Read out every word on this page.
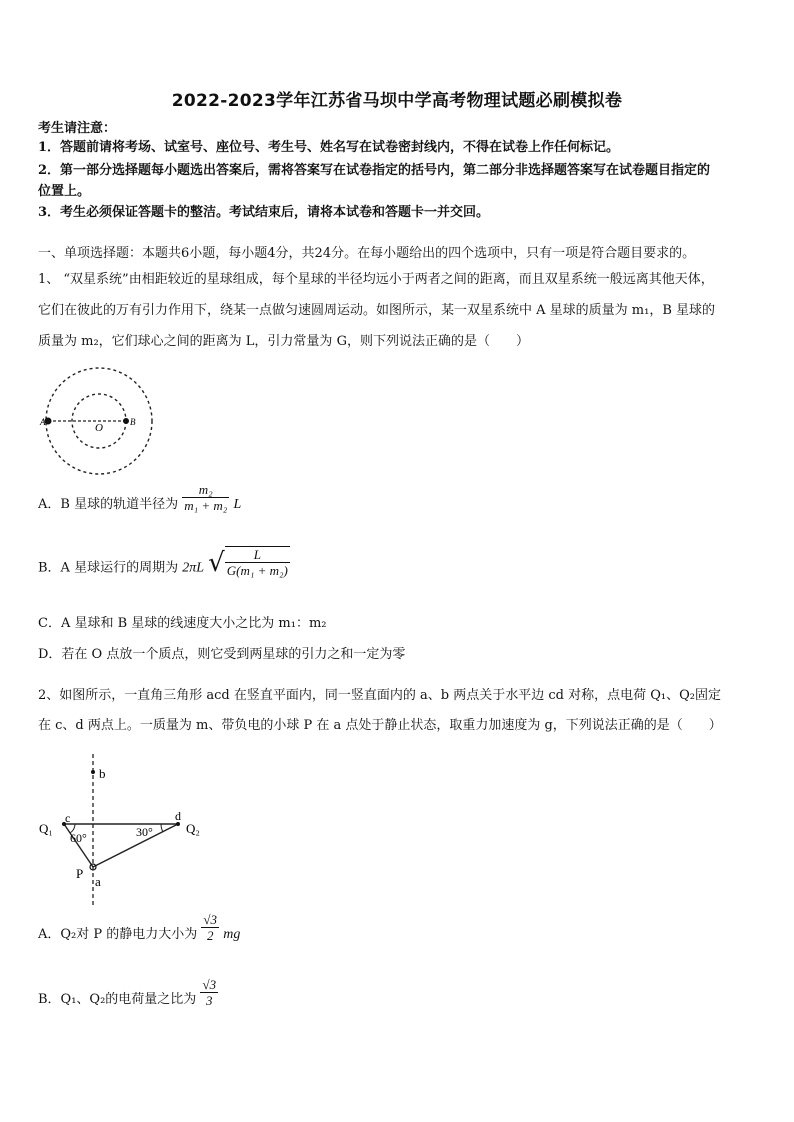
2022-2023学年江苏省马坝中学高考物理试题必刷模拟卷
考生请注意：
1．答题前请将考场、试室号、座位号、考生号、姓名写在试卷密封线内，不得在试卷上作任何标记。
2．第一部分选择题每小题选出答案后，需将答案写在试卷指定的括号内，第二部分非选择题答案写在试卷题目指定的
位置上。
3．考生必须保证答题卡的整洁。考试结束后，请将本试卷和答题卡一并交回。
一、单项选择题：本题共6小题，每小题4分，共24分。在每小题给出的四个选项中，只有一项是符合题目要求的。
1、 “双星系统”由相距较近的星球组成，每个星球的半径均远小于两者之间的距离，而且双星系统一般远离其他天体，
它们在彼此的万有引力作用下，绕某一点做匀速圆周运动。如图所示，某一双星系统中 A 星球的质量为 m₁，B 星球的
质量为 m₂，它们球心之间的距离为 L，引力常量为 G，则下列说法正确的是（　　）
A	O	B
A．B 星球的轨道半径为 $\frac{\text{m₂}}{\text{m₁ + m₂}}$ L
B．A 星球运行的周期为 2πL √ $\frac{L}{\text{G(m₁ + m₂)}}$
C．A 星球和 B 星球的线速度大小之比为 m₁：m₂
D．若在 O 点放一个质点，则它受到两星球的引力之和一定为零
2、如图所示，一直角三角形 acd 在竖直平面内，同一竖直面内的 a、b 两点关于水平边 cd 对称，点电荷 Q₁、Q₂固定
在 c、d 两点上。一质量为 m、带负电的小球 P 在 a 点处于静止状态，取重力加速度为 g，下列说法正确的是（　　）
b
c	d
Q₁	Q₂
60°	30°
P
a
A．Q₂对 P 的静电力大小为 $\frac{√3}{2}$ mg
B．Q₁、Q₂的电荷量之比为 $\frac{√3}{3}$
